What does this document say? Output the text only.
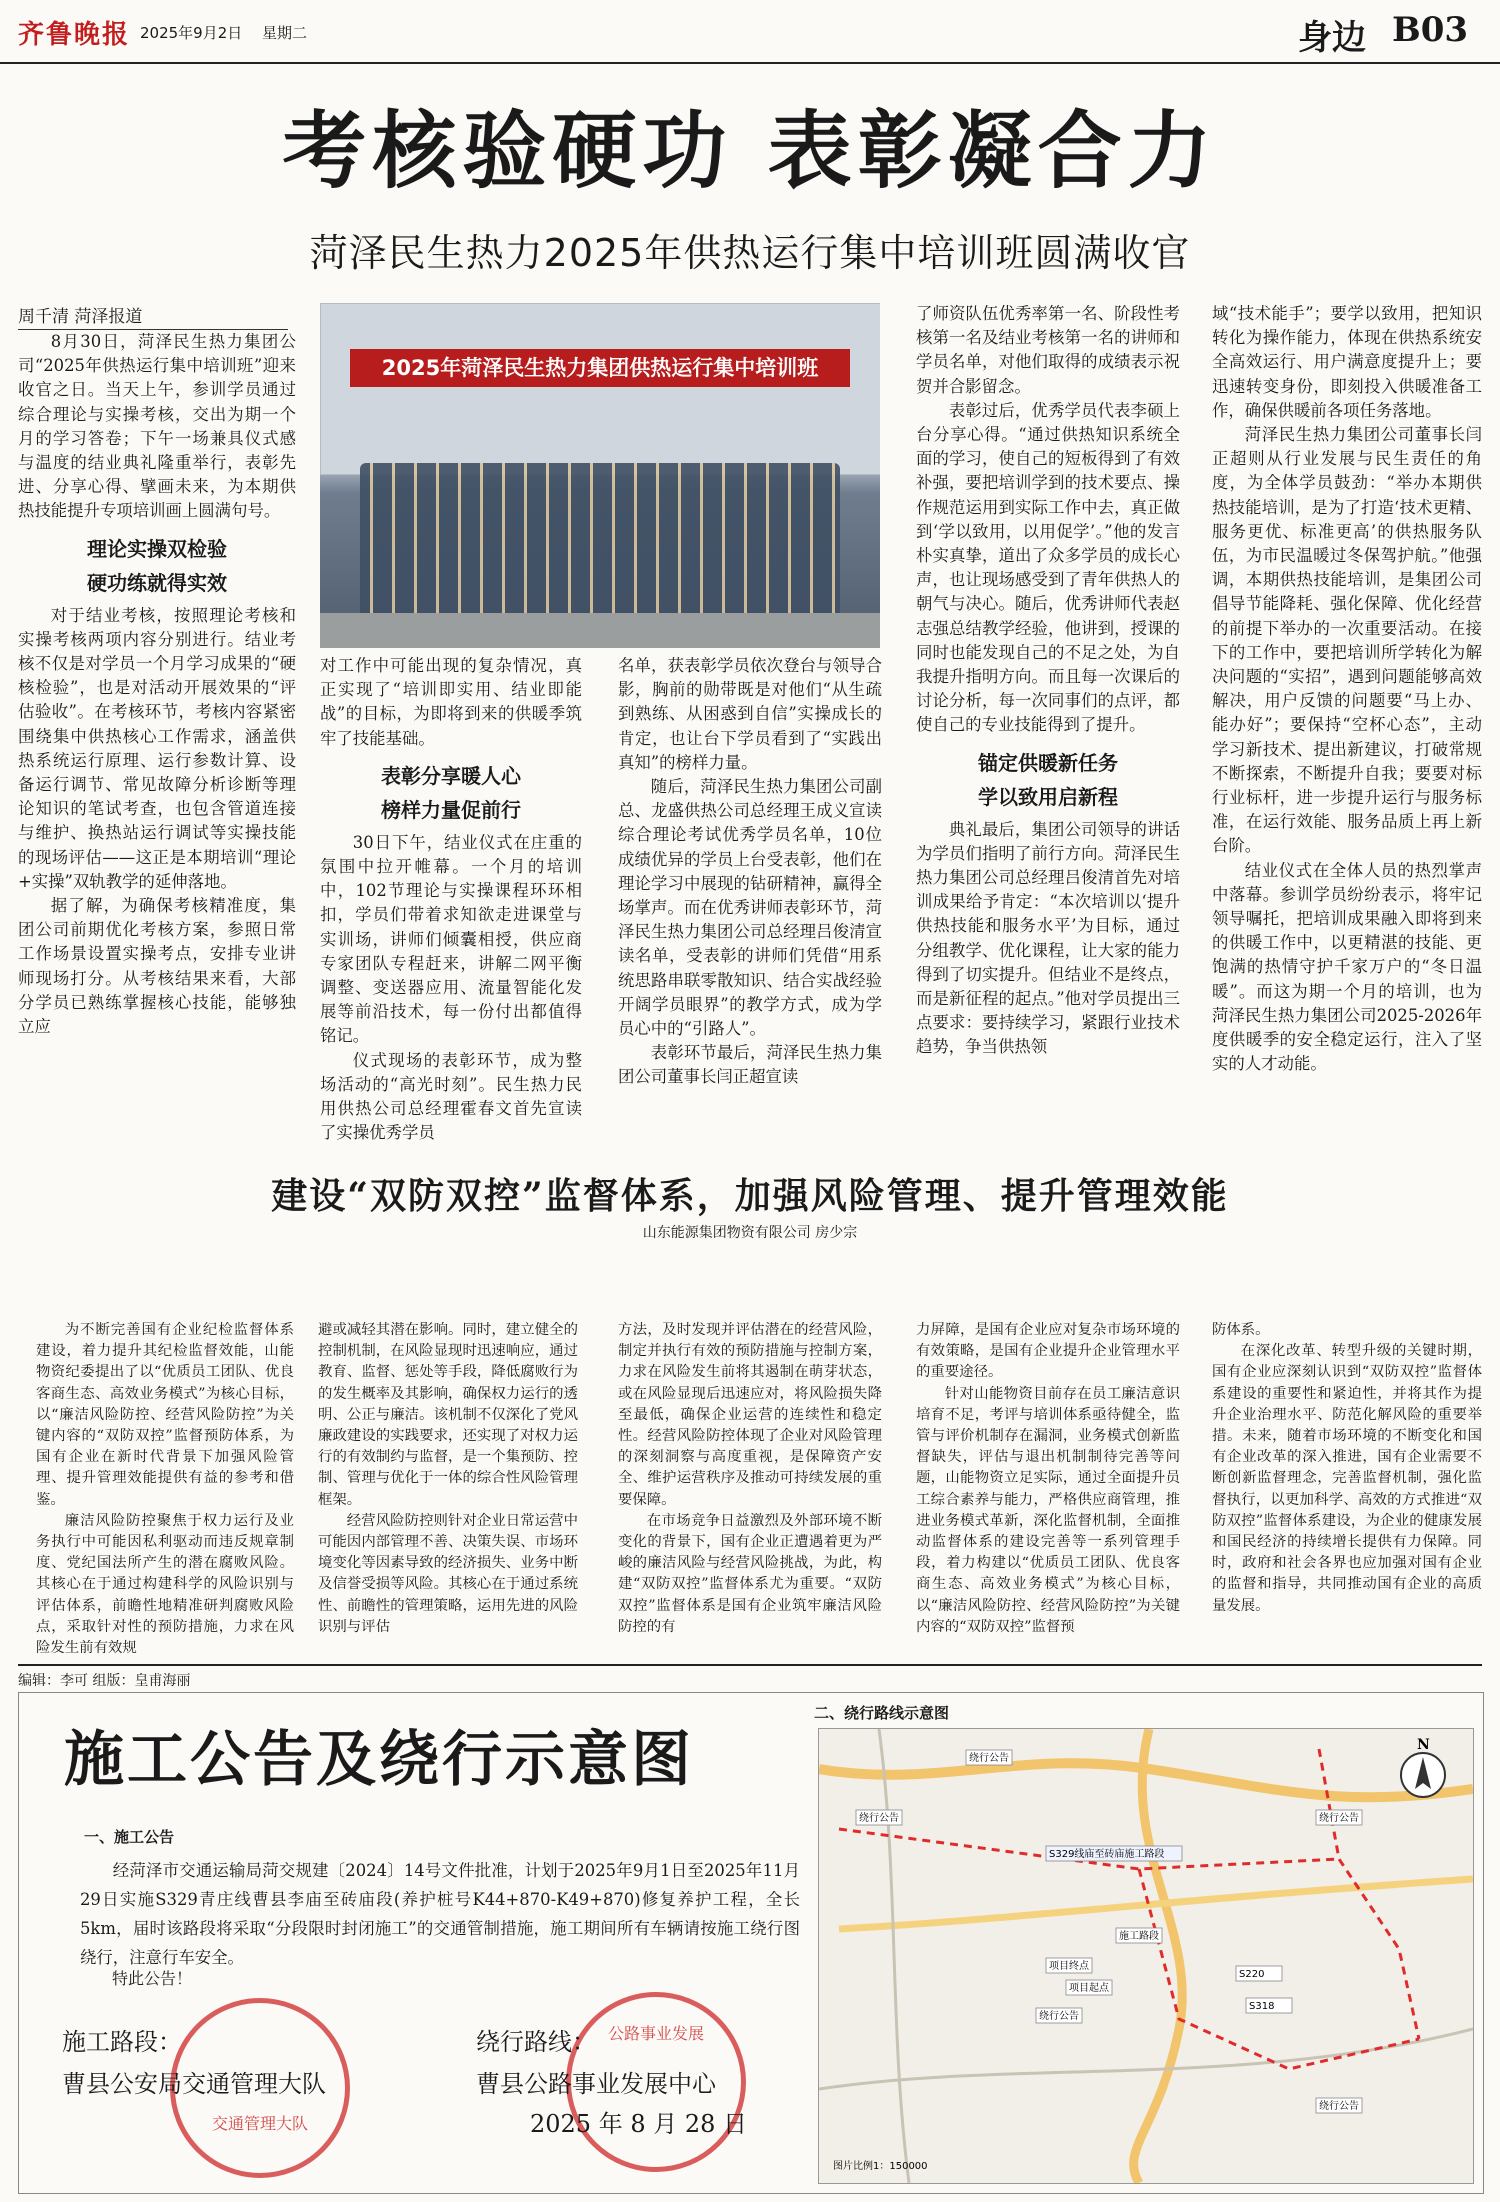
齐鲁晚报 2025年9月2日 星期二	身边 B03
考核验硬功 表彰凝合力
菏泽民生热力2025年供热运行集中培训班圆满收官
周千清 菏泽报道
2025年菏泽民生热力集团供热运行集中培训班

8月30日，菏泽民生热力集团公司“2025年供热运行集中培训班”迎来收官之日。当天上午，参训学员通过综合理论与实操考核，交出为期一个月的学习答卷；下午一场兼具仪式感与温度的结业典礼隆重举行，表彰先进、分享心得、擘画未来，为本期供热技能提升专项培训画上圆满句号。

理论实操双检验
硬功练就得实效

对于结业考核，按照理论考核和实操考核两项内容分别进行。结业考核不仅是对学员一个月学习成果的“硬核检验”，也是对活动开展效果的“评估验收”。在考核环节，考核内容紧密围绕集中供热核心工作需求，涵盖供热系统运行原理、运行参数计算、设备运行调节、常见故障分析诊断等理论知识的笔试考查，也包含管道连接与维护、换热站运行调试等实操技能的现场评估——这正是本期培训“理论+实操”双轨教学的延伸落地。

据了解，为确保考核精准度，集团公司前期优化考核方案，参照日常工作场景设置实操考点，安排专业讲师现场打分。从考核结果来看，大部分学员已熟练掌握核心技能，能够独立应

对工作中可能出现的复杂情况，真正实现了“培训即实用、结业即能战”的目标，为即将到来的供暖季筑牢了技能基础。

表彰分享暖人心
榜样力量促前行

30日下午，结业仪式在庄重的氛围中拉开帷幕。一个月的培训中，102节理论与实操课程环环相扣，学员们带着求知欲走进课堂与实训场，讲师们倾囊相授，供应商专家团队专程赶来，讲解二网平衡调整、变送器应用、流量智能化发展等前沿技术，每一份付出都值得铭记。

仪式现场的表彰环节，成为整场活动的“高光时刻”。民生热力民用供热公司总经理霍春文首先宣读了实操优秀学员

名单，获表彰学员依次登台与领导合影，胸前的勋带既是对他们“从生疏到熟练、从困惑到自信”实操成长的肯定，也让台下学员看到了“实践出真知”的榜样力量。

随后，菏泽民生热力集团公司副总、龙盛供热公司总经理王成义宣读综合理论考试优秀学员名单，10位成绩优异的学员上台受表彰，他们在理论学习中展现的钻研精神，赢得全场掌声。而在优秀讲师表彰环节，菏泽民生热力集团公司总经理吕俊清宣读名单，受表彰的讲师们凭借“用系统思路串联零散知识、结合实战经验开阔学员眼界”的教学方式，成为学员心中的“引路人”。

表彰环节最后，菏泽民生热力集团公司董事长闫正超宣读

了师资队伍优秀率第一名、阶段性考核第一名及结业考核第一名的讲师和学员名单，对他们取得的成绩表示祝贺并合影留念。

表彰过后，优秀学员代表李硕上台分享心得。“通过供热知识系统全面的学习，使自己的短板得到了有效补强，要把培训学到的技术要点、操作规范运用到实际工作中去，真正做到‘学以致用，以用促学’。”他的发言朴实真挚，道出了众多学员的成长心声，也让现场感受到了青年供热人的朝气与决心。随后，优秀讲师代表赵志强总结教学经验，他讲到，授课的同时也能发现自己的不足之处，为自我提升指明方向。而且每一次课后的讨论分析，每一次同事们的点评，都使自己的专业技能得到了提升。

锚定供暖新任务
学以致用启新程

典礼最后，集团公司领导的讲话为学员们指明了前行方向。菏泽民生热力集团公司总经理吕俊清首先对培训成果给予肯定：“本次培训以‘提升供热技能和服务水平’为目标，通过分组教学、优化课程，让大家的能力得到了切实提升。但结业不是终点，而是新征程的起点。”他对学员提出三点要求：要持续学习，紧跟行业技术趋势，争当供热领

域“技术能手”；要学以致用，把知识转化为操作能力，体现在供热系统安全高效运行、用户满意度提升上；要迅速转变身份，即刻投入供暖准备工作，确保供暖前各项任务落地。

菏泽民生热力集团公司董事长闫正超则从行业发展与民生责任的角度，为全体学员鼓劲：“举办本期供热技能培训，是为了打造‘技术更精、服务更优、标准更高’的供热服务队伍，为市民温暖过冬保驾护航。”他强调，本期供热技能培训，是集团公司倡导节能降耗、强化保障、优化经营的前提下举办的一次重要活动。在接下的工作中，要把培训所学转化为解决问题的“实招”，遇到问题能够高效解决，用户反馈的问题要“马上办、能办好”；要保持“空杯心态”，主动学习新技术、提出新建议，打破常规不断探索，不断提升自我；要要对标行业标杆，进一步提升运行与服务标准，在运行效能、服务品质上再上新台阶。

结业仪式在全体人员的热烈掌声中落幕。参训学员纷纷表示，将牢记领导嘱托，把培训成果融入即将到来的供暖工作中，以更精湛的技能、更饱满的热情守护千家万户的“冬日温暖”。而这为期一个月的培训，也为菏泽民生热力集团公司2025-2026年度供暖季的安全稳定运行，注入了坚实的人才动能。

建设“双防双控”监督体系，加强风险管理、提升管理效能
山东能源集团物资有限公司 房少宗

为不断完善国有企业纪检监督体系建设，着力提升其纪检监督效能，山能物资纪委提出了以“优质员工团队、优良客商生态、高效业务模式”为核心目标，以“廉洁风险防控、经营风险防控”为关键内容的“双防双控”监督预防体系，为国有企业在新时代背景下加强风险管理、提升管理效能提供有益的参考和借鉴。

廉洁风险防控聚焦于权力运行及业务执行中可能因私利驱动而违反规章制度、党纪国法所产生的潜在腐败风险。其核心在于通过构建科学的风险识别与评估体系，前瞻性地精准研判腐败风险点，采取针对性的预防措施，力求在风险发生前有效规

避或减轻其潜在影响。同时，建立健全的控制机制，在风险显现时迅速响应，通过教育、监督、惩处等手段，降低腐败行为的发生概率及其影响，确保权力运行的透明、公正与廉洁。该机制不仅深化了党风廉政建设的实践要求，还实现了对权力运行的有效制约与监督，是一个集预防、控制、管理与优化于一体的综合性风险管理框架。

经营风险防控则针对企业日常运营中可能因内部管理不善、决策失误、市场环境变化等因素导致的经济损失、业务中断及信誉受损等风险。其核心在于通过系统性、前瞻性的管理策略，运用先进的风险识别与评估

方法，及时发现并评估潜在的经营风险，制定并执行有效的预防措施与控制方案，力求在风险发生前将其遏制在萌芽状态，或在风险显现后迅速应对，将风险损失降至最低，确保企业运营的连续性和稳定性。经营风险防控体现了企业对风险管理的深刻洞察与高度重视，是保障资产安全、维护运营秩序及推动可持续发展的重要保障。

在市场竞争日益激烈及外部环境不断变化的背景下，国有企业正遭遇着更为严峻的廉洁风险与经营风险挑战，为此，构建“双防双控”监督体系尤为重要。“双防双控”监督体系是国有企业筑牢廉洁风险防控的有

力屏障，是国有企业应对复杂市场环境的有效策略，是国有企业提升企业管理水平的重要途径。

针对山能物资目前存在员工廉洁意识培育不足，考评与培训体系亟待健全，监管与评价机制存在漏洞，业务模式创新监督缺失，评估与退出机制制待完善等问题，山能物资立足实际，通过全面提升员工综合素养与能力，严格供应商管理，推进业务模式革新，深化监督机制，全面推动监督体系的建设完善等一系列管理手段，着力构建以“优质员工团队、优良客商生态、高效业务模式”为核心目标，以“廉洁风险防控、经营风险防控”为关键内容的“双防双控”监督预

防体系。

在深化改革、转型升级的关键时期，国有企业应深刻认识到“双防双控”监督体系建设的重要性和紧迫性，并将其作为提升企业治理水平、防范化解风险的重要举措。未来，随着市场环境的不断变化和国有企业改革的深入推进，国有企业需要不断创新监督理念，完善监督机制，强化监督执行，以更加科学、高效的方式推进“双防双控”监督体系建设，为企业的健康发展和国民经济的持续增长提供有力保障。同时，政府和社会各界也应加强对国有企业的监督和指导，共同推动国有企业的高质量发展。

编辑：李可 组版：皇甫海丽
施工公告及绕行示意图
一、施工公告

经菏泽市交通运输局菏交规建〔2024〕14号文件批准，计划于2025年9月1日至2025年11月29日实施S329青庄线曹县李庙至砖庙段(养护桩号K44+870-K49+870)修复养护工程，全长5km，届时该路段将采取“分段限时封闭施工”的交通管制措施，施工期间所有车辆请按施工绕行图绕行，注意行车安全。

特此公告！
交通管理大队
公路事业发展
施工路段：
曹县公安局交通管理大队
绕行路线：
曹县公路事业发展中心
2025 年 8 月 28 日
二、绕行路线示意图
N
绕行公告
绕行公告	绕行公告
施工路段
项目终点
项目起点
绕行公告
S329线庙至砖庙施工路段
S220
S318
绕行公告
图片比例1：150000
